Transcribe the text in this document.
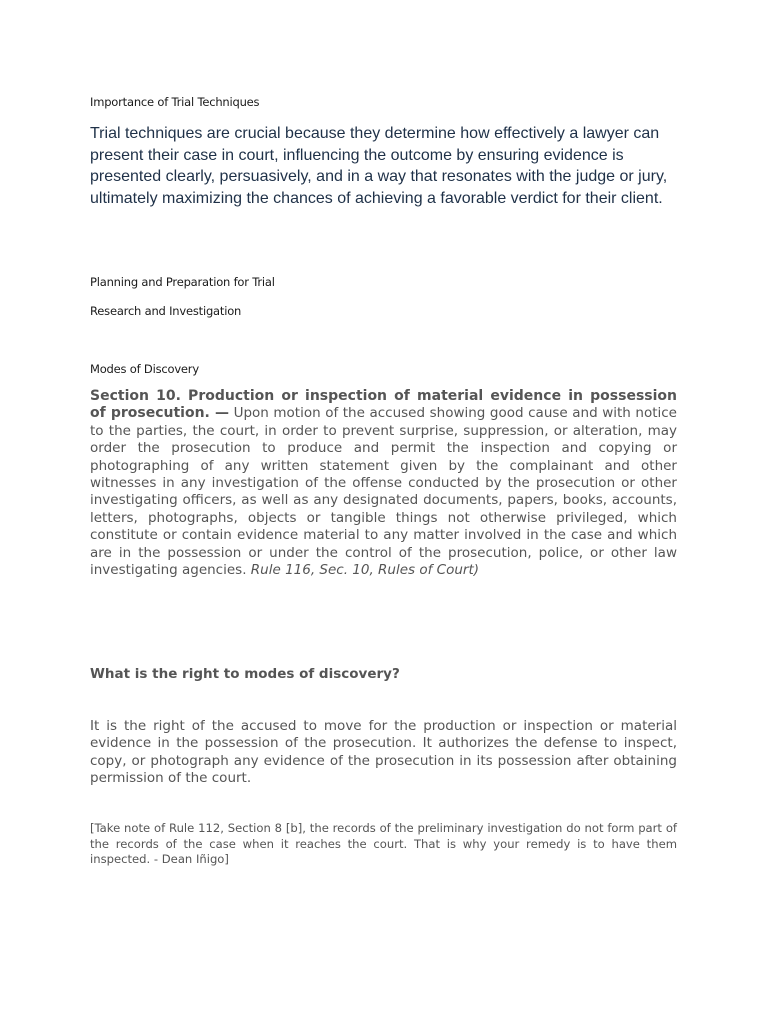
Importance of Trial Techniques

Trial techniques are crucial because they determine how effectively a lawyer can present their case in court, influencing the outcome by ensuring evidence is presented clearly, persuasively, and in a way that resonates with the judge or jury, ultimately maximizing the chances of achieving a favorable verdict for their client.

Planning and Preparation for Trial

Research and Investigation

Modes of Discovery

Section 10. Production or inspection of material evidence in possession of prosecution. — Upon motion of the accused showing good cause and with notice to the parties, the court, in order to prevent surprise, suppression, or alteration, may order the prosecution to produce and permit the inspection and copying or photographing of any written statement given by the complainant and other witnesses in any investigation of the offense conducted by the prosecution or other investigating officers, as well as any designated documents, papers, books, accounts, letters, photographs, objects or tangible things not otherwise privileged, which constitute or contain evidence material to any matter involved in the case and which are in the possession or under the control of the prosecution, police, or other law investigating agencies. Rule 116, Sec. 10, Rules of Court)

What is the right to modes of discovery?

It is the right of the accused to move for the production or inspection or material evidence in the possession of the prosecution. It authorizes the defense to inspect, copy, or photograph any evidence of the prosecution in its possession after obtaining permission of the court.

[Take note of Rule 112, Section 8 [b], the records of the preliminary investigation do not form part of the records of the case when it reaches the court. That is why your remedy is to have them inspected. - Dean Iñigo]
